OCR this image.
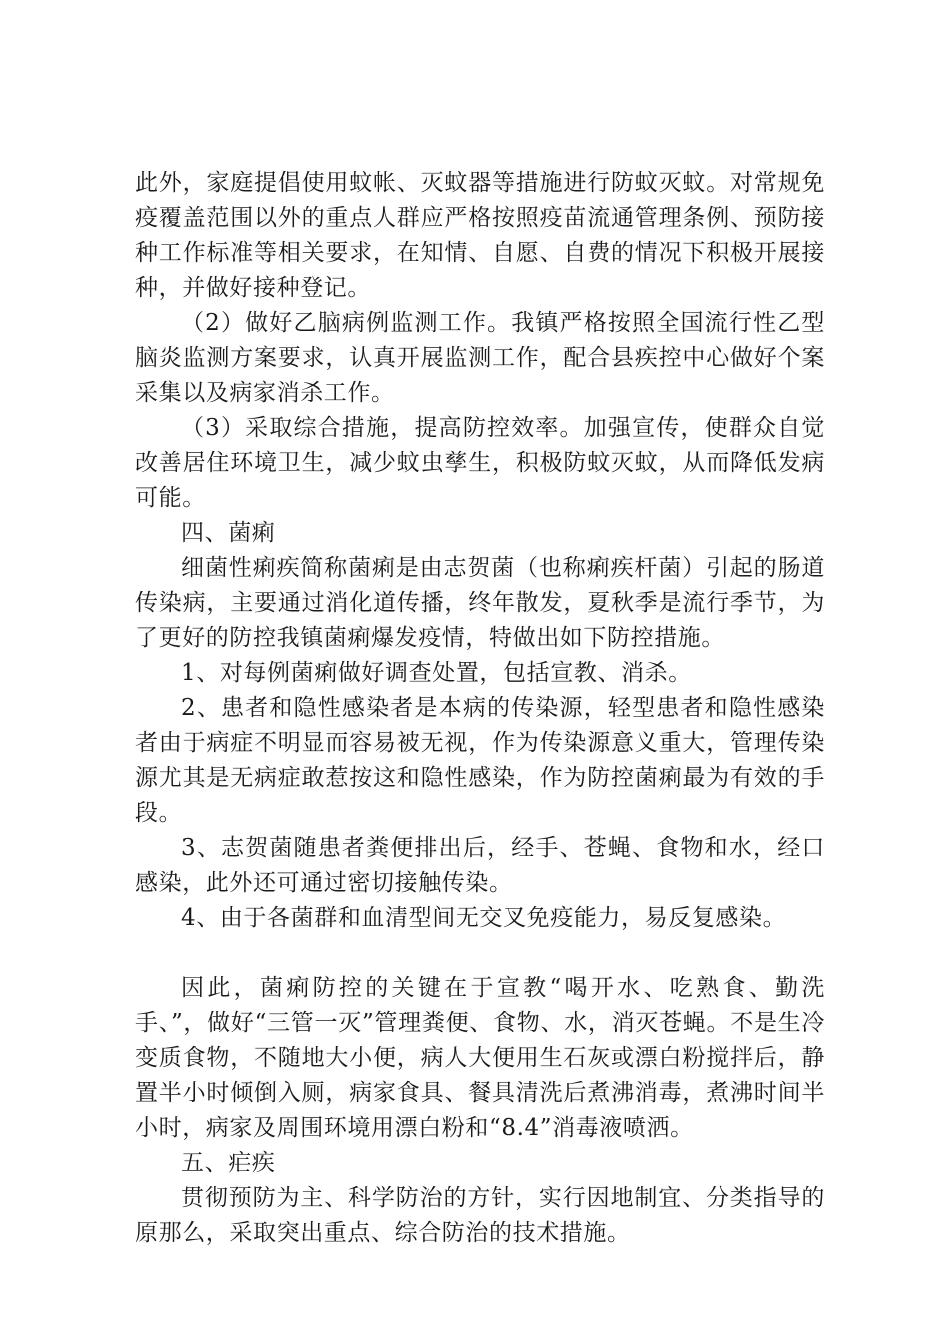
此外，家庭提倡使用蚊帐、灭蚊器等措施进行防蚊灭蚊。对常规免疫覆盖范围以外的重点人群应严格按照疫苗流通管理条例、预防接种工作标准等相关要求，在知情、自愿、自费的情况下积极开展接种，并做好接种登记。

（2）做好乙脑病例监测工作。我镇严格按照全国流行性乙型脑炎监测方案要求，认真开展监测工作，配合县疾控中心做好个案采集以及病家消杀工作。

（3）采取综合措施，提高防控效率。加强宣传，使群众自觉改善居住环境卫生，减少蚊虫孳生，积极防蚊灭蚊，从而降低发病可能。

四、菌痢

细菌性痢疾简称菌痢是由志贺菌（也称痢疾杆菌）引起的肠道传染病，主要通过消化道传播，终年散发，夏秋季是流行季节，为了更好的防控我镇菌痢爆发疫情，特做出如下防控措施。

1、对每例菌痢做好调查处置，包括宣教、消杀。

2、患者和隐性感染者是本病的传染源，轻型患者和隐性感染者由于病症不明显而容易被无视，作为传染源意义重大，管理传染源尤其是无病症敢惹按这和隐性感染，作为防控菌痢最为有效的手段。

3、志贺菌随患者粪便排出后，经手、苍蝇、食物和水，经口感染，此外还可通过密切接触传染。

4、由于各菌群和血清型间无交叉免疫能力，易反复感染。

因此，菌痢防控的关键在于宣教“喝开水、吃熟食、勤洗手、”，做好“三管一灭”管理粪便、食物、水，消灭苍蝇。不是生冷变质食物，不随地大小便，病人大便用生石灰或漂白粉搅拌后，静置半小时倾倒入厕，病家食具、餐具清洗后煮沸消毒，煮沸时间半小时，病家及周围环境用漂白粉和“8.4”消毒液喷洒。

五、疟疾

贯彻预防为主、科学防治的方针，实行因地制宜、分类指导的原那么，采取突出重点、综合防治的技术措施。
